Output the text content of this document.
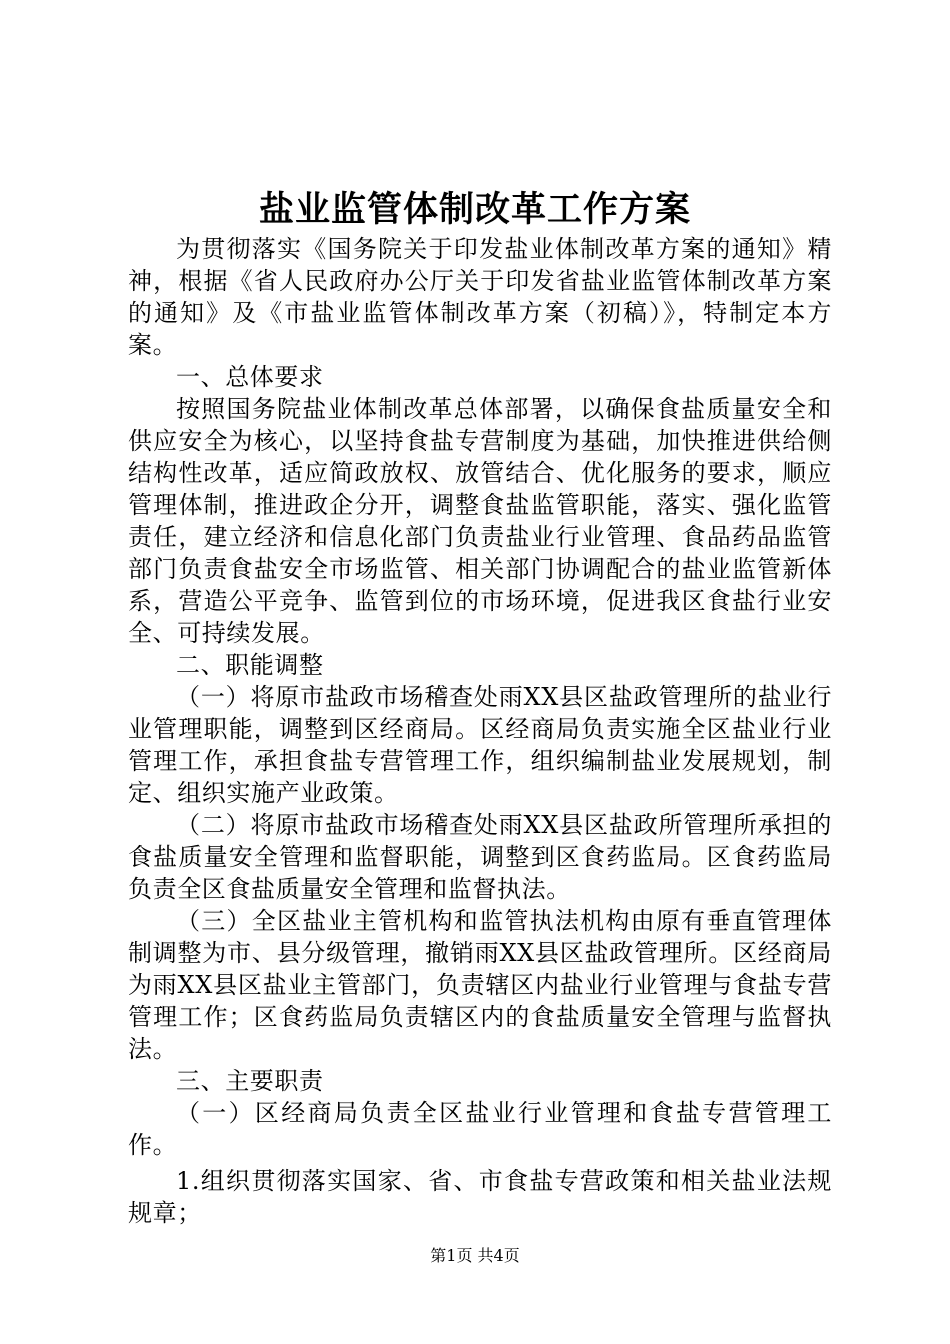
盐业监管体制改革工作方案

为贯彻落实《国务院关于印发盐业体制改革方案的通知》精神，根据《省人民政府办公厅关于印发省盐业监管体制改革方案的通知》及《市盐业监管体制改革方案（初稿）》，特制定本方案。

一、总体要求

按照国务院盐业体制改革总体部署，以确保食盐质量安全和供应安全为核心，以坚持食盐专营制度为基础，加快推进供给侧结构性改革，适应简政放权、放管结合、优化服务的要求，顺应管理体制，推进政企分开，调整食盐监管职能，落实、强化监管责任，建立经济和信息化部门负责盐业行业管理、食品药品监管部门负责食盐安全市场监管、相关部门协调配合的盐业监管新体系，营造公平竞争、监管到位的市场环境，促进我区食盐行业安全、可持续发展。

二、职能调整

（一）将原市盐政市场稽查处雨XX县区盐政管理所的盐业行业管理职能，调整到区经商局。区经商局负责实施全区盐业行业管理工作，承担食盐专营管理工作，组织编制盐业发展规划，制定、组织实施产业政策。

（二）将原市盐政市场稽查处雨XX县区盐政所管理所承担的食盐质量安全管理和监督职能，调整到区食药监局。区食药监局负责全区食盐质量安全管理和监督执法。

（三）全区盐业主管机构和监管执法机构由原有垂直管理体制调整为市、县分级管理，撤销雨XX县区盐政管理所。区经商局为雨XX县区盐业主管部门，负责辖区内盐业行业管理与食盐专营管理工作；区食药监局负责辖区内的食盐质量安全管理与监督执法。

三、主要职责

（一）区经商局负责全区盐业行业管理和食盐专营管理工作。

1.组织贯彻落实国家、省、市食盐专营政策和相关盐业法规规章；

第1页 共4页
